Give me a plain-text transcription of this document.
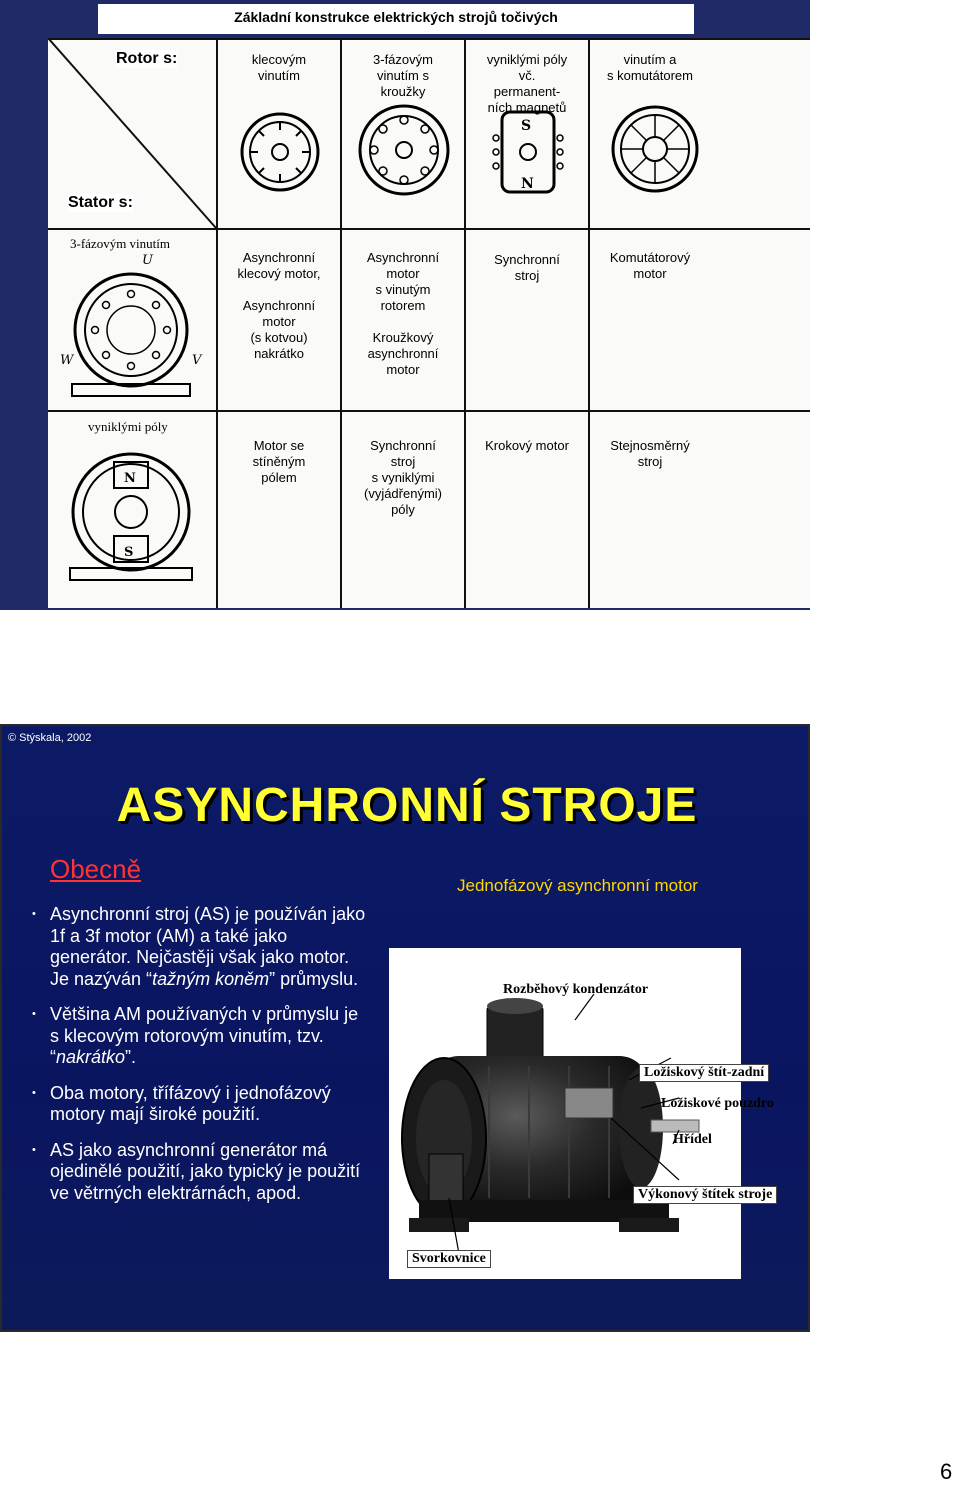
Rotor s:
Stator s:
klecovým
vinutím
3-fázovým
vinutím s
kroužky
vyniklými póly
vč.
permanent-
ních magnetů
vinutím a
s komutátorem
S
N
3-fázovým vinutím
U
V
W
Asynchronní
klecový motor,

Asynchronní
motor
(s kotvou)
nakrátko
Asynchronní
motor
s vinutým
rotorem

Kroužkový
asynchronní
motor
Synchronní
stroj
Komutátorový
motor
vyniklými póly
N
S
Motor se
stíněným
pólem
Synchronní
stroj
s vyniklými
(vyjádřenými)
póly
Krokový motor	Stejnosměrný
stroj
Základní konstrukce elektrických strojů točivých
© Stýskala, 2002
ASYNCHRONNÍ STROJE
Obecně
• Asynchronní stroj (AS) je používán jako 1f a 3f motor (AM) a také jako generátor. Nejčastěji však jako motor. Je nazýván “tažným koněm” průmyslu.
• Většina AM používaných v průmyslu je s klecovým rotorovým vinutím, tzv. “nakrátko”.
• Oba motory, třífázový i jednofázový motory mají široké použití.
• AS jako asynchronní generátor má ojedinělé použití, jako typický je použití ve větrných elektrárnách, apod.
Jednofázový asynchronní motor
Rozběhový kondenzátor
Ložiskový štít-zadní
Ložiskové pouzdro
Hřídel
Výkonový štítek stroje
Svorkovnice
6
